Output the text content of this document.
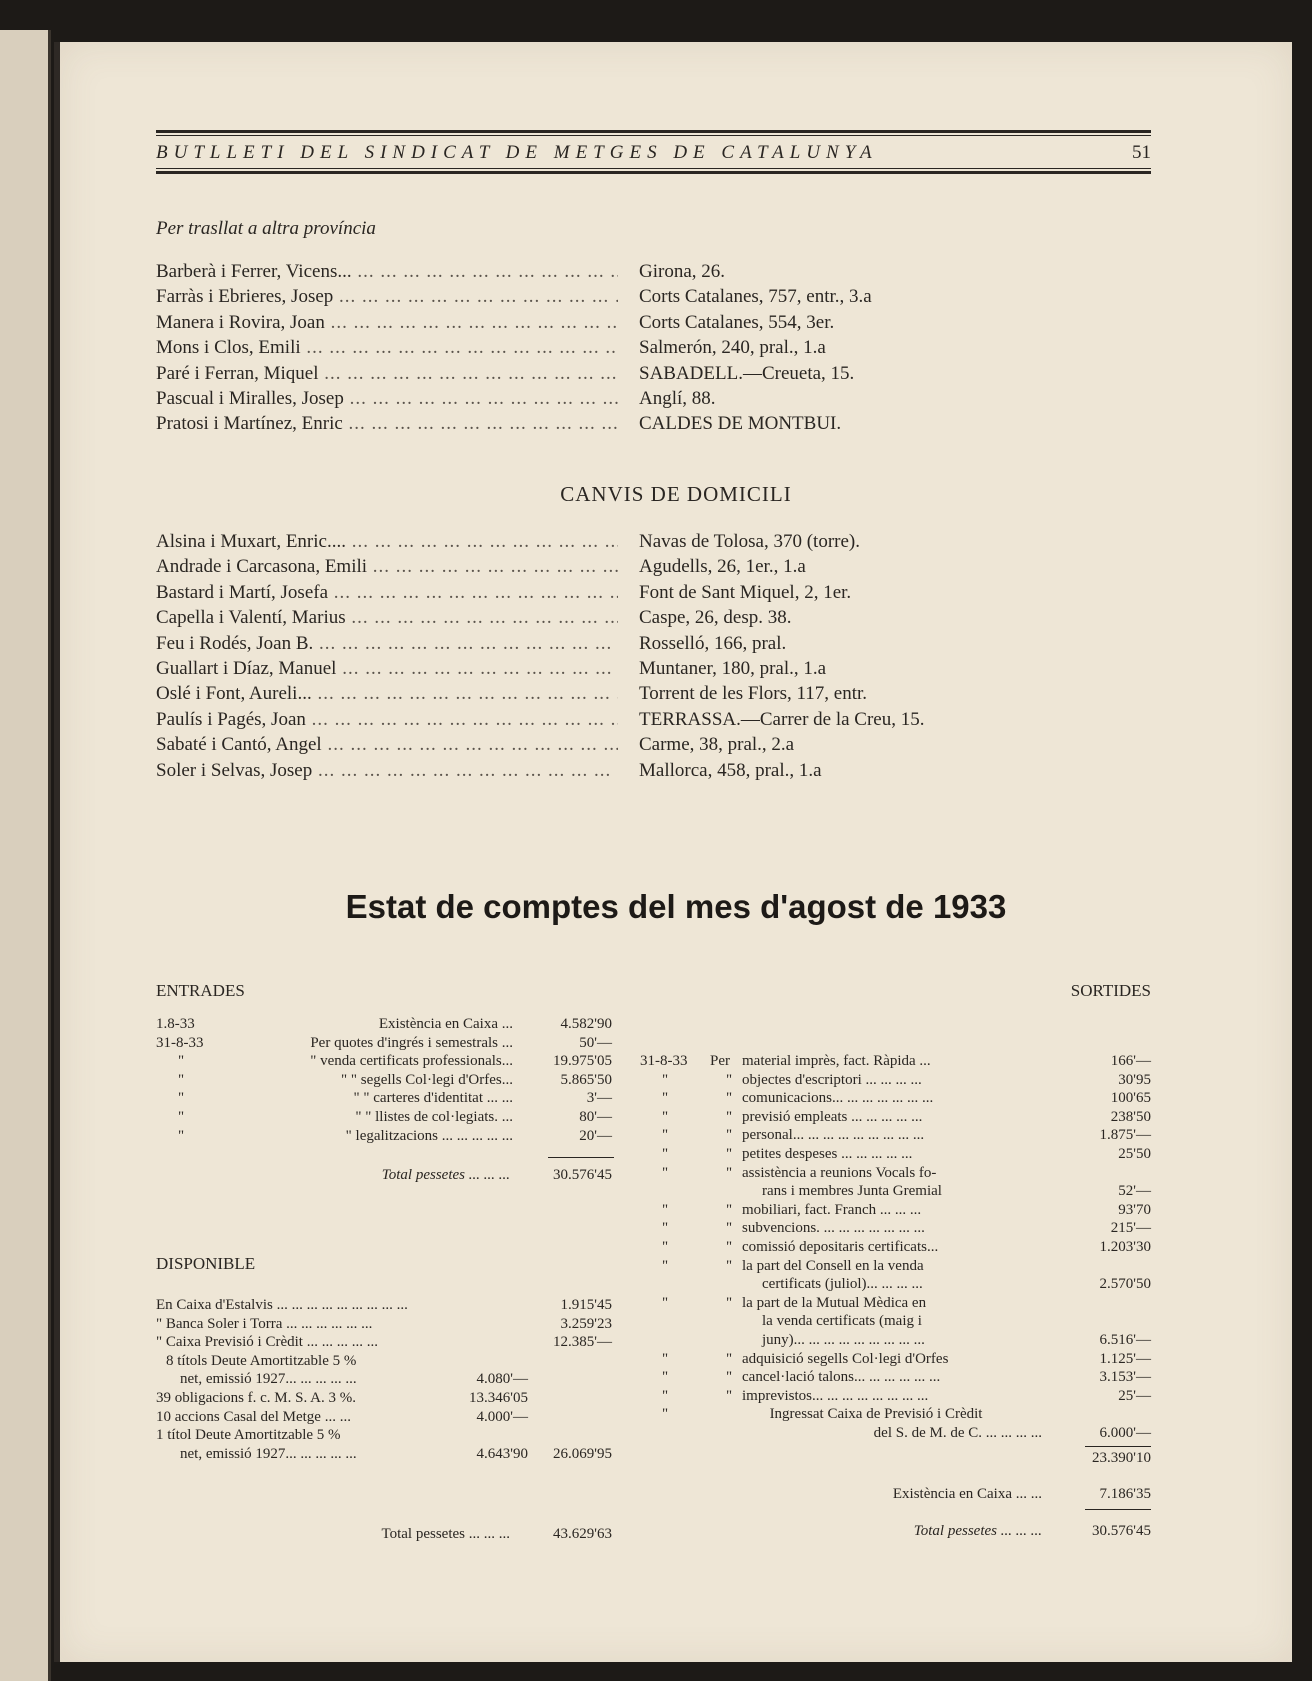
BUTLLETI DEL SINDICAT DE METGES DE CATALUNYA	51
Per trasllat a altra província
Barberà i Ferrer, Vicens... ... .	Girona, 26.
Farràs i Ebrieres, Josep ... .	Corts Catalanes, 757, entr., 3.a
Manera i Rovira, Joan ... .	Corts Catalanes, 554, 3er.
Mons i Clos, Emili ... .	Salmerón, 240, pral., 1.a
Paré i Ferran, Miquel ... .	SABADELL.—Creueta, 15.
Pascual i Miralles, Josep ... .	Anglí, 88.
Pratosi i Martínez, Enric ... .	CALDES DE MONTBUI.
CANVIS DE DOMICILI
Alsina i Muxart, Enric.... ... .	Navas de Tolosa, 370 (torre).
Andrade i Carcasona, Emili ... .	Agudells, 26, 1er., 1.a
Bastard i Martí, Josefa ... .	Font de Sant Miquel, 2, 1er.
Capella i Valentí, Marius ... .	Caspe, 26, desp. 38.
Feu i Rodés, Joan B. ... .	Rosselló, 166, pral.
Guallart i Díaz, Manuel ... .	Muntaner, 180, pral., 1.a
Oslé i Font, Aureli... ... .	Torrent de les Flors, 117, entr.
Paulís i Pagés, Joan ... .	TERRASSA.—Carrer de la Creu, 15.
Sabaté i Cantó, Angel ... .	Carme, 38, pral., 2.a
Soler i Selvas, Josep ... .	Mallorca, 458, pral., 1.a
Estat de comptes del mes d'agost de 1933
ENTRADES	SORTIDES
1.8-33	Existència en Caixa ...	4.582'90
31-8-33	Per quotes d'ingrés i semestrals ...	50'—
"	" venda certificats professionals...	19.975'05
"	" " segells Col·legi d'Orfes...	5.865'50
"	" " carteres d'identitat ... ...	3'—
"	" " llistes de col·legiats. ...	80'—
"	" legalitzacions ... ... ... ... ...	20'—
Total pessetes ... ... ...	30.576'45
DISPONIBLE
En Caixa d'Estalvis ... ... ... ... ... ... ... ... ...	1.915'45
" Banca Soler i Torra ... ... ... ... ... ...	3.259'23
" Caixa Previsió i Crèdit ... ... ... ... ...	12.385'—
8 títols Deute Amortitzable 5 %
net, emissió 1927... ... ... ... ...	4.080'—
39 obligacions f. c. M. S. A. 3 %.	13.346'05
10 accions Casal del Metge ... ...	4.000'—
1 títol Deute Amortitzable 5 %
net, emissió 1927... ... ... ... ...	4.643'90	26.069'95
Total pessetes ... ... ...	43.629'63
31-8-33 Per material imprès, fact. Ràpida ...	166'—
"	" objectes d'escriptori ... ... ... ...	30'95
"	" comunicacions... ... ... ... ... ... ...	100'65
"	" previsió empleats ... ... ... ... ...	238'50
"	" personal... ... ... ... ... ... ... ... ...	1.875'—
"	" petites despeses ... ... ... ... ...	25'50
"	" assistència a reunions Vocals fo-
rans i membres Junta Gremial	52'—
"	" mobiliari, fact. Franch ... ... ...	93'70
"	" subvencions. ... ... ... ... ... ... ...	215'—
"	" comissió depositaris certificats...	1.203'30
"	" la part del Consell en la venda
certificats (juliol)... ... ... ...	2.570'50
"	" la part de la Mutual Mèdica en
la venda certificats (maig i
juny)... ... ... ... ... ... ... ... ...	6.516'—
"	" adquisició segells Col·legi d'Orfes	1.125'—
"	" cancel·lació talons... ... ... ... ... ...	3.153'—
"	" imprevistos... ... ... ... ... ... ... ...	25'—
"	Ingressat Caixa de Previsió i Crèdit
del S. de M. de C. ... ... ... ...	6.000'—
23.390'10
Existència en Caixa ... ...	7.186'35
Total pessetes ... ... ...	30.576'45
